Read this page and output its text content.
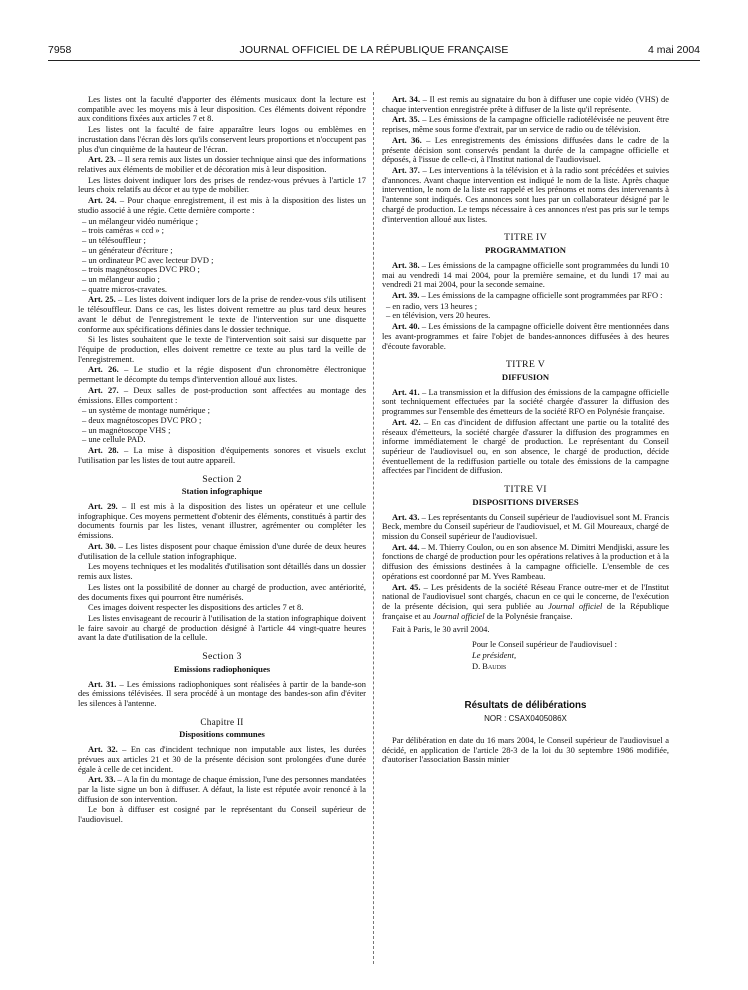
7958	JOURNAL OFFICIEL DE LA RÉPUBLIQUE FRANÇAISE	4 mai 2004

Les listes ont la faculté d'apporter des éléments musicaux dont la lecture est compatible avec les moyens mis à leur disposition. Ces éléments doivent répondre aux conditions fixées aux articles 7 et 8.

Les listes ont la faculté de faire apparaître leurs logos ou emblèmes en incrustation dans l'écran dès lors qu'ils conservent leurs proportions et n'occupent pas plus d'un cinquième de la hauteur de l'écran.

Art. 23. – Il sera remis aux listes un dossier technique ainsi que des informations relatives aux éléments de mobilier et de décoration mis à leur disposition.

Les listes doivent indiquer lors des prises de rendez-vous prévues à l'article 17 leurs choix relatifs au décor et au type de mobilier.

Art. 24. – Pour chaque enregistrement, il est mis à la disposition des listes un studio associé à une régie. Cette dernière comporte :

– un mélangeur vidéo numérique ;

– trois caméras « ccd » ;

– un télésouffleur ;

– un générateur d'écriture ;

– un ordinateur PC avec lecteur DVD ;

– trois magnétoscopes DVC PRO ;

– un mélangeur audio ;

– quatre micros-cravates.

Art. 25. – Les listes doivent indiquer lors de la prise de rendez-vous s'ils utilisent le télésouffleur. Dans ce cas, les listes doivent remettre au plus tard deux heures avant le début de l'enregistrement le texte de l'intervention sur une disquette conforme aux spécifications définies dans le dossier technique.

Si les listes souhaitent que le texte de l'intervention soit saisi sur disquette par l'équipe de production, elles doivent remettre ce texte au plus tard la veille de l'enregistrement.

Art. 26. – Le studio et la régie disposent d'un chronomètre électronique permettant le décompte du temps d'intervention alloué aux listes.

Art. 27. – Deux salles de post-production sont affectées au montage des émissions. Elles comportent :

– un système de montage numérique ;

– deux magnétoscopes DVC PRO ;

– un magnétoscope VHS ;

– une cellule PAD.

Art. 28. – La mise à disposition d'équipements sonores et visuels exclut l'utilisation par les listes de tout autre appareil.

Section 2
Station infographique

Art. 29. – Il est mis à la disposition des listes un opérateur et une cellule infographique. Ces moyens permettent d'obtenir des éléments, constitués à partir des documents fournis par les listes, venant illustrer, agrémenter ou compléter les émissions.

Art. 30. – Les listes disposent pour chaque émission d'une durée de deux heures d'utilisation de la cellule station infographique.

Les moyens techniques et les modalités d'utilisation sont détaillés dans un dossier remis aux listes.

Les listes ont la possibilité de donner au chargé de production, avec antériorité, des documents fixes qui pourront être numérisés.

Ces images doivent respecter les dispositions des articles 7 et 8.

Les listes envisageant de recourir à l'utilisation de la station infographique doivent le faire savoir au chargé de production désigné à l'article 44 vingt-quatre heures avant la date d'utilisation de la cellule.

Section 3
Emissions radiophoniques

Art. 31. – Les émissions radiophoniques sont réalisées à partir de la bande-son des émissions télévisées. Il sera procédé à un montage des bandes-son afin d'éviter les silences à l'antenne.

Chapitre II
Dispositions communes

Art. 32. – En cas d'incident technique non imputable aux listes, les durées prévues aux articles 21 et 30 de la présente décision sont prolongées d'une durée égale à celle de cet incident.

Art. 33. – A la fin du montage de chaque émission, l'une des personnes mandatées par la liste signe un bon à diffuser. A défaut, la liste est réputée avoir renoncé à la diffusion de son intervention.

Le bon à diffuser est cosigné par le représentant du Conseil supérieur de l'audiovisuel.

Art. 34. – Il est remis au signataire du bon à diffuser une copie vidéo (VHS) de chaque intervention enregistrée prête à diffuser de la liste qu'il représente.

Art. 35. – Les émissions de la campagne officielle radiotélévisée ne peuvent être reprises, même sous forme d'extrait, par un service de radio ou de télévision.

Art. 36. – Les enregistrements des émissions diffusées dans le cadre de la présente décision sont conservés pendant la durée de la campagne officielle et déposés, à l'issue de celle-ci, à l'Institut national de l'audiovisuel.

Art. 37. – Les interventions à la télévision et à la radio sont précédées et suivies d'annonces. Avant chaque intervention est indiqué le nom de la liste. Après chaque intervention, le nom de la liste est rappelé et les prénoms et noms des intervenants à l'antenne sont indiqués. Ces annonces sont lues par un collaborateur désigné par le chargé de production. Le temps nécessaire à ces annonces n'est pas pris sur le temps d'intervention alloué aux listes.

TITRE IV
PROGRAMMATION

Art. 38. – Les émissions de la campagne officielle sont programmées du lundi 10 mai au vendredi 14 mai 2004, pour la première semaine, et du lundi 17 mai au vendredi 21 mai 2004, pour la seconde semaine.

Art. 39. – Les émissions de la campagne officielle sont programmées par RFO :

– en radio, vers 13 heures ;

– en télévision, vers 20 heures.

Art. 40. – Les émissions de la campagne officielle doivent être mentionnées dans les avant-programmes et faire l'objet de bandes-annonces diffusées à des heures d'écoute favorable.

TITRE V
DIFFUSION

Art. 41. – La transmission et la diffusion des émissions de la campagne officielle sont techniquement effectuées par la société chargée d'assurer la diffusion des programmes sur l'ensemble des émetteurs de la société RFO en Polynésie française.

Art. 42. – En cas d'incident de diffusion affectant une partie ou la totalité des réseaux d'émetteurs, la société chargée d'assurer la diffusion des programmes en informe immédiatement le chargé de production. Le représentant du Conseil supérieur de l'audiovisuel ou, en son absence, le chargé de production, décide éventuellement de la rediffusion partielle ou totale des émissions de la campagne affectées par l'incident de diffusion.

TITRE VI
DISPOSITIONS DIVERSES

Art. 43. – Les représentants du Conseil supérieur de l'audiovisuel sont M. Francis Beck, membre du Conseil supérieur de l'audiovisuel, et M. Gil Moureaux, chargé de mission du Conseil supérieur de l'audiovisuel.

Art. 44. – M. Thierry Coulon, ou en son absence M. Dimitri Mendjiski, assure les fonctions de chargé de production pour les opérations relatives à la production et à la diffusion des émissions destinées à la campagne officielle. L'ensemble de ces opérations est coordonné par M. Yves Rambeau.

Art. 45. – Les présidents de la société Réseau France outre-mer et de l'Institut national de l'audiovisuel sont chargés, chacun en ce qui le concerne, de l'exécution de la présente décision, qui sera publiée au Journal officiel de la République française et au Journal officiel de la Polynésie française.

Fait à Paris, le 30 avril 2004.

Pour le Conseil supérieur de l'audiovisuel :

Le président,

D. Baudis

Résultats de délibérations
NOR : CSAX0405086X

Par délibération en date du 16 mars 2004, le Conseil supérieur de l'audiovisuel a décidé, en application de l'article 28-3 de la loi du 30 septembre 1986 modifiée, d'autoriser l'association Bassin minier
